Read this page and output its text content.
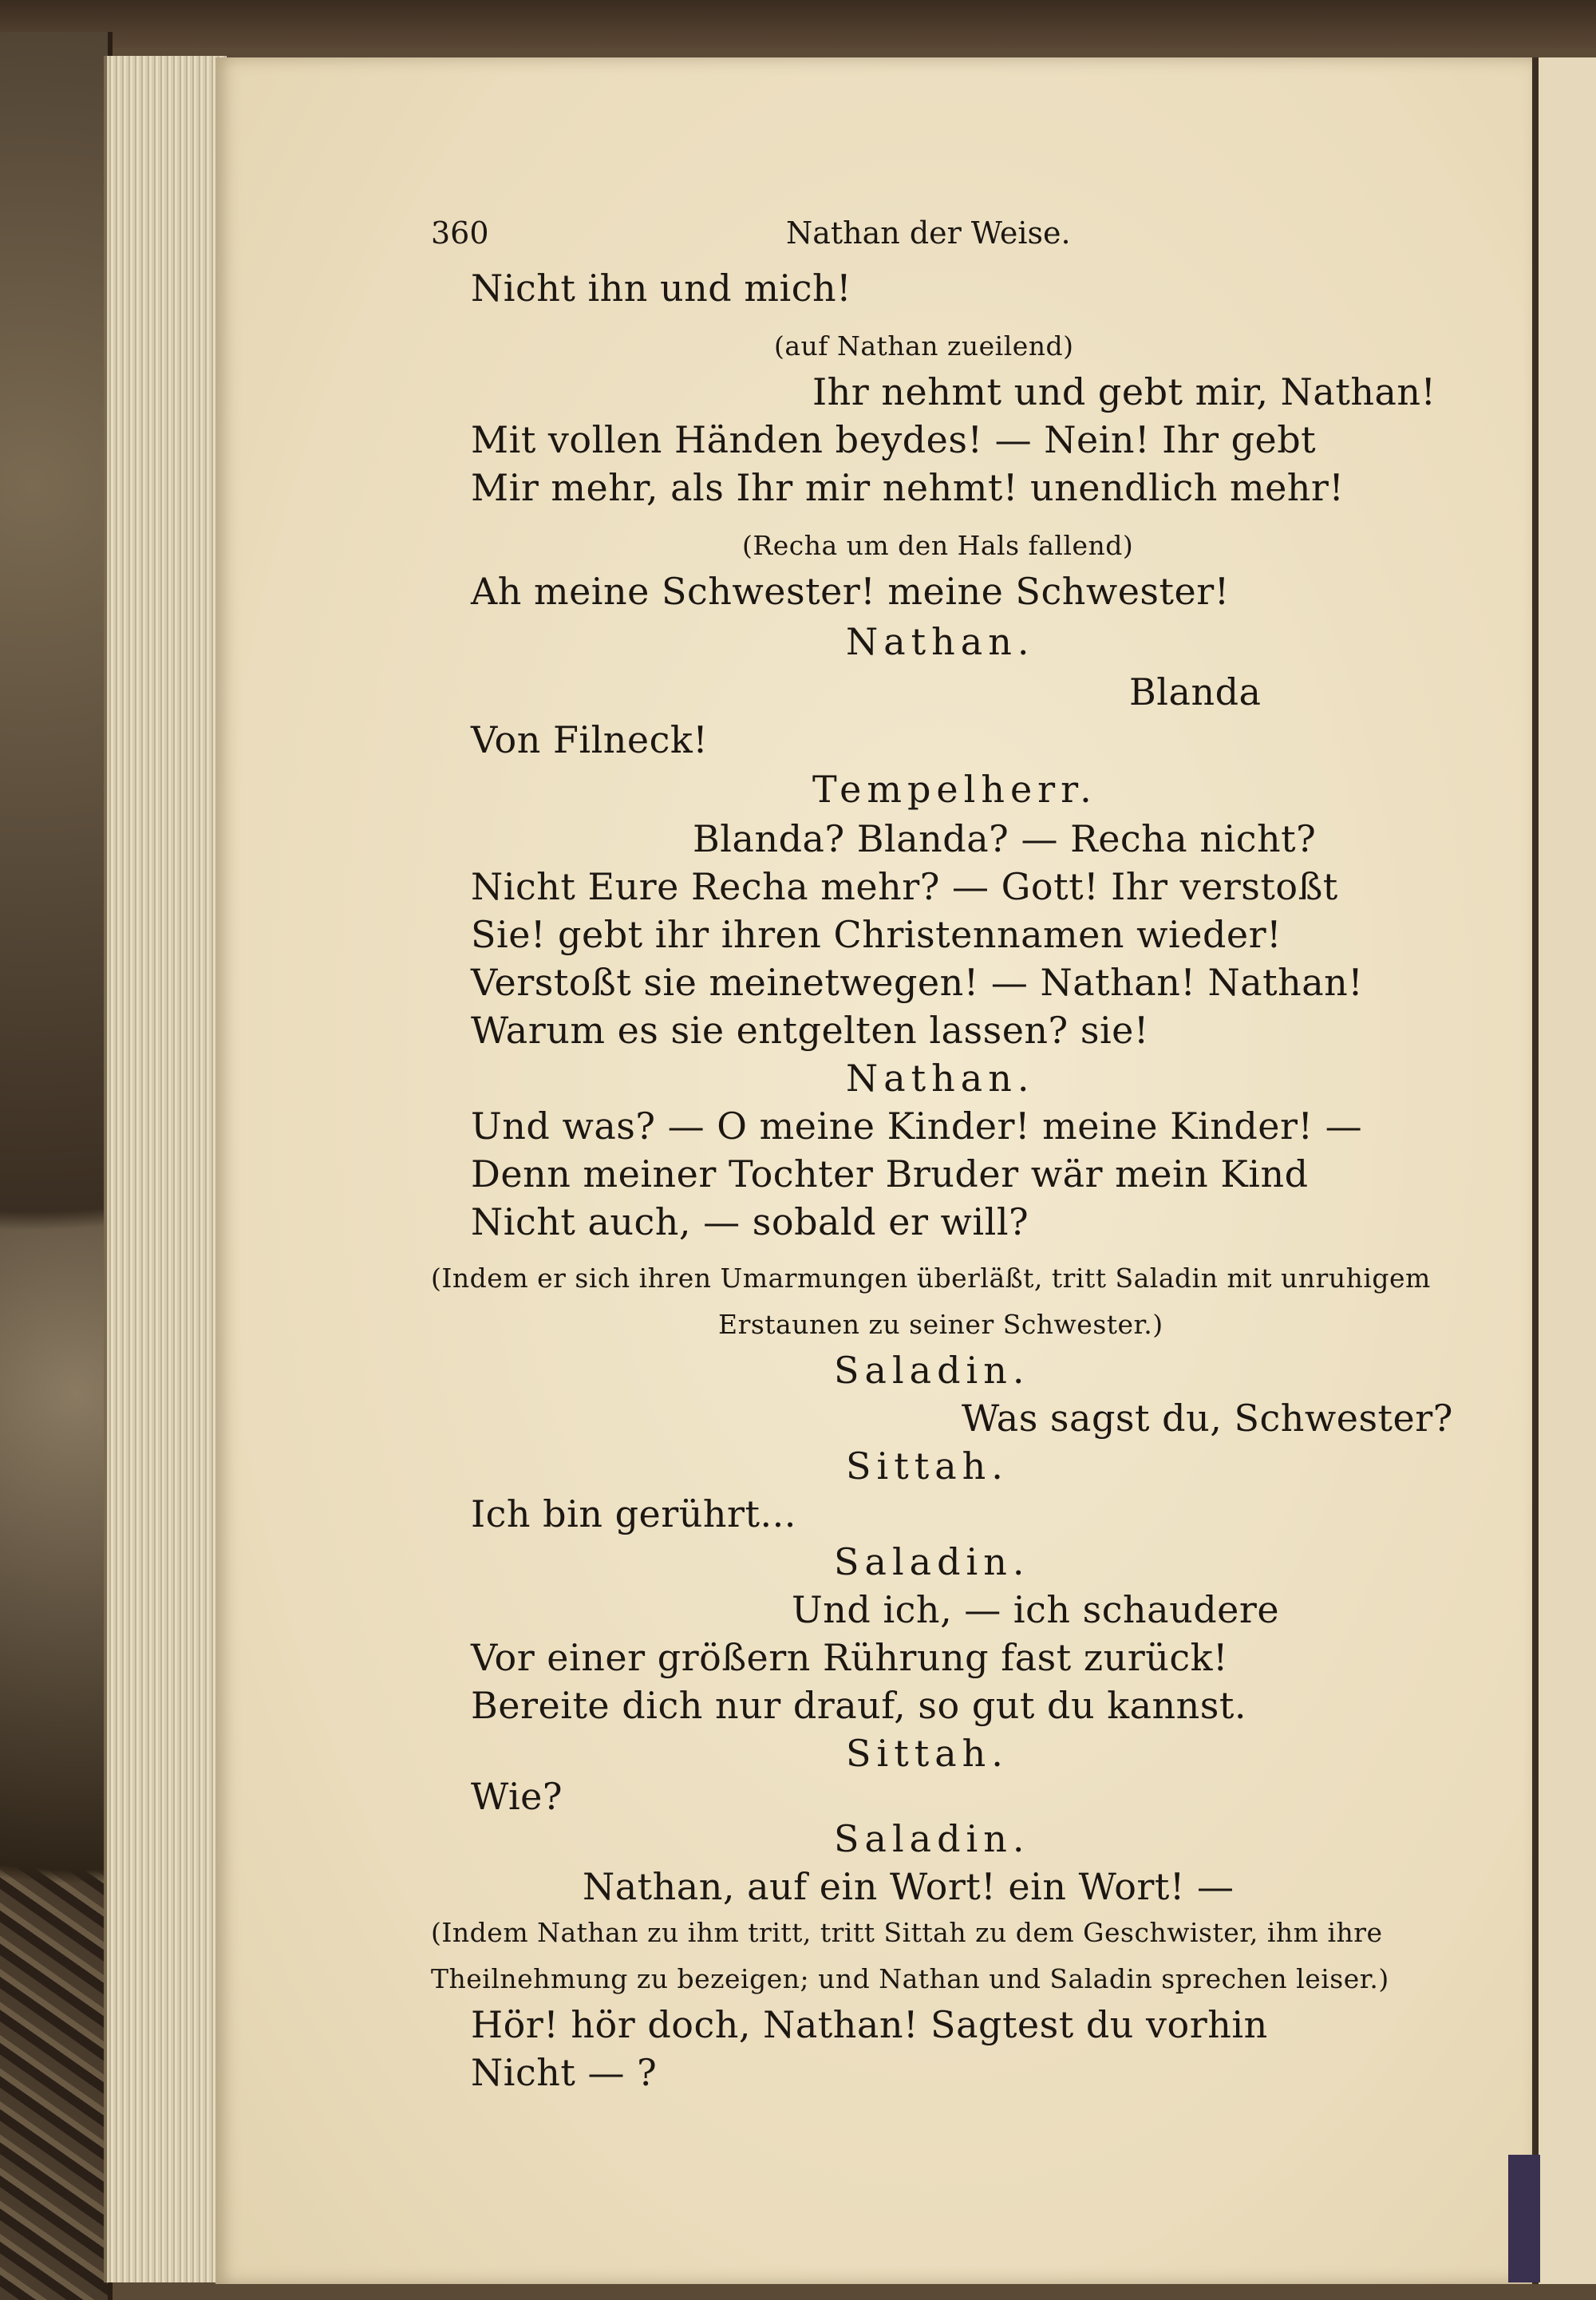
360	Nathan der Weise.
Nicht ihn und mich!
(auf Nathan zueilend)
Ihr nehmt und gebt mir, Nathan!
Mit vollen Händen beydes! — Nein! Ihr gebt
Mir mehr, als Ihr mir nehmt! unendlich mehr!
(Recha um den Hals fallend)
Ah meine Schwester! meine Schwester!
Nathan.
Blanda
Von Filneck!
Tempelherr.
Blanda? Blanda? — Recha nicht?
Nicht Eure Recha mehr? — Gott! Ihr verstoßt
Sie! gebt ihr ihren Christennamen wieder!
Verstoßt sie meinetwegen! — Nathan! Nathan!
Warum es sie entgelten lassen? sie!
Nathan.
Und was? — O meine Kinder! meine Kinder! —
Denn meiner Tochter Bruder wär mein Kind
Nicht auch, — sobald er will?
(Indem er sich ihren Umarmungen überläßt, tritt Saladin mit unruhigem
Erstaunen zu seiner Schwester.)
Saladin.
Was sagst du, Schwester?
Sittah.
Ich bin gerührt...
Saladin.
Und ich, — ich schaudere
Vor einer größern Rührung fast zurück!
Bereite dich nur drauf, so gut du kannst.
Sittah.
Wie?
Saladin.
Nathan, auf ein Wort! ein Wort! —
(Indem Nathan zu ihm tritt, tritt Sittah zu dem Geschwister, ihm ihre
Theilnehmung zu bezeigen; und Nathan und Saladin sprechen leiser.)
Hör! hör doch, Nathan! Sagtest du vorhin
Nicht — ?
